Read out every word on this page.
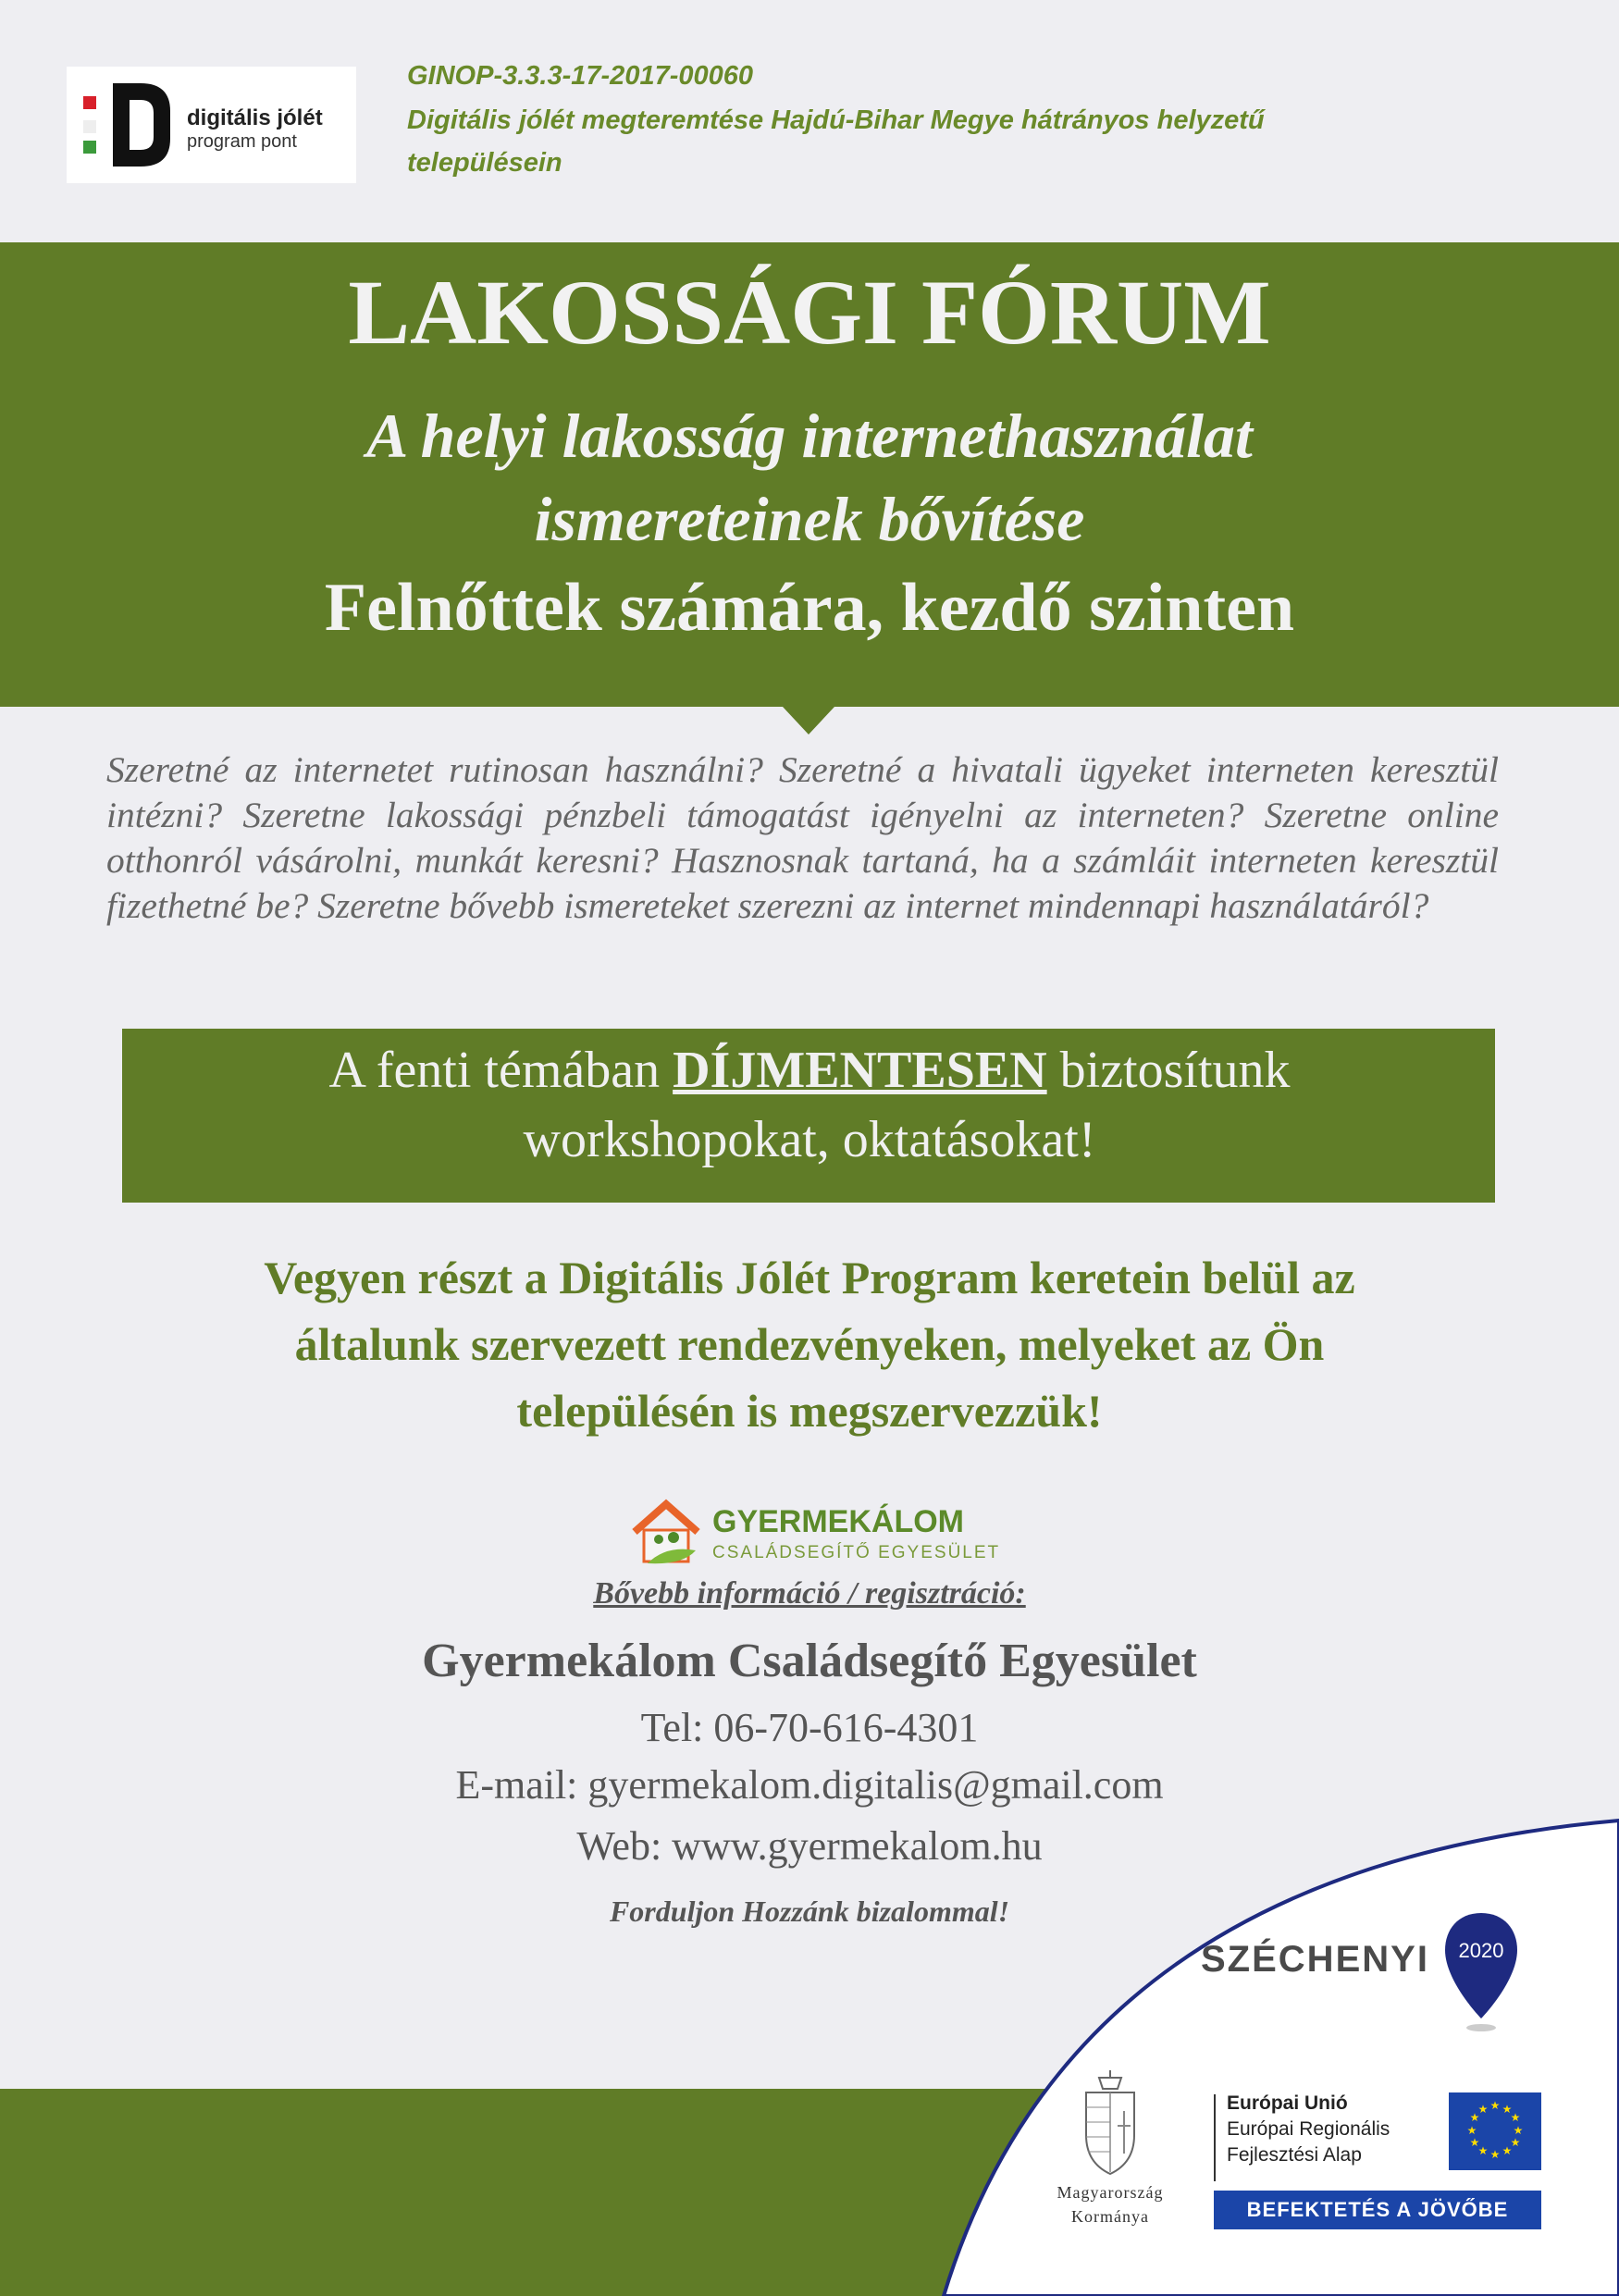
digitális jólét
program pont
GINOP-3.3.3-17-2017-00060
Digitális jólét megteremtése Hajdú-Bihar Megye hátrányos helyzetű
településein
LAKOSSÁGI FÓRUM
A helyi lakosság internethasználat
ismereteinek bővítése
Felnőttek számára, kezdő szinten
Szeretné az internetet rutinosan használni? Szeretné a hivatali ügyeket interneten keresztül intézni? Szeretne lakossági pénzbeli támogatást igényelni az interneten? Szeretne online otthonról vásárolni, munkát keresni? Hasznosnak tartaná, ha a számláit interneten keresztül fizethetné be? Szeretne bővebb ismereteket szerezni az internet mindennapi használatáról?
A fenti témában DÍJMENTESEN biztosítunk
workshopokat, oktatásokat!
Vegyen részt a Digitális Jólét Program keretein belül az
általunk szervezett rendezvényeken, melyeket az Ön
településén is megszervezzük!
GYERMEKÁLOM
CSALÁDSEGÍTŐ EGYESÜLET
Bővebb információ / regisztráció:
Gyermekálom Családsegítő Egyesület
Tel: 06-70-616-4301
E-mail: gyermekalom.digitalis@gmail.com
Web: www.gyermekalom.hu
Forduljon Hozzánk bizalommal!
SZÉCHENYI 2020
Magyarország
Kormánya
Európai Unió
Európai Regionális
Fejlesztési Alap
★ ★
★
★
★
★
★
★
★
★
★
★
BEFEKTETÉS A JÖVŐBE
